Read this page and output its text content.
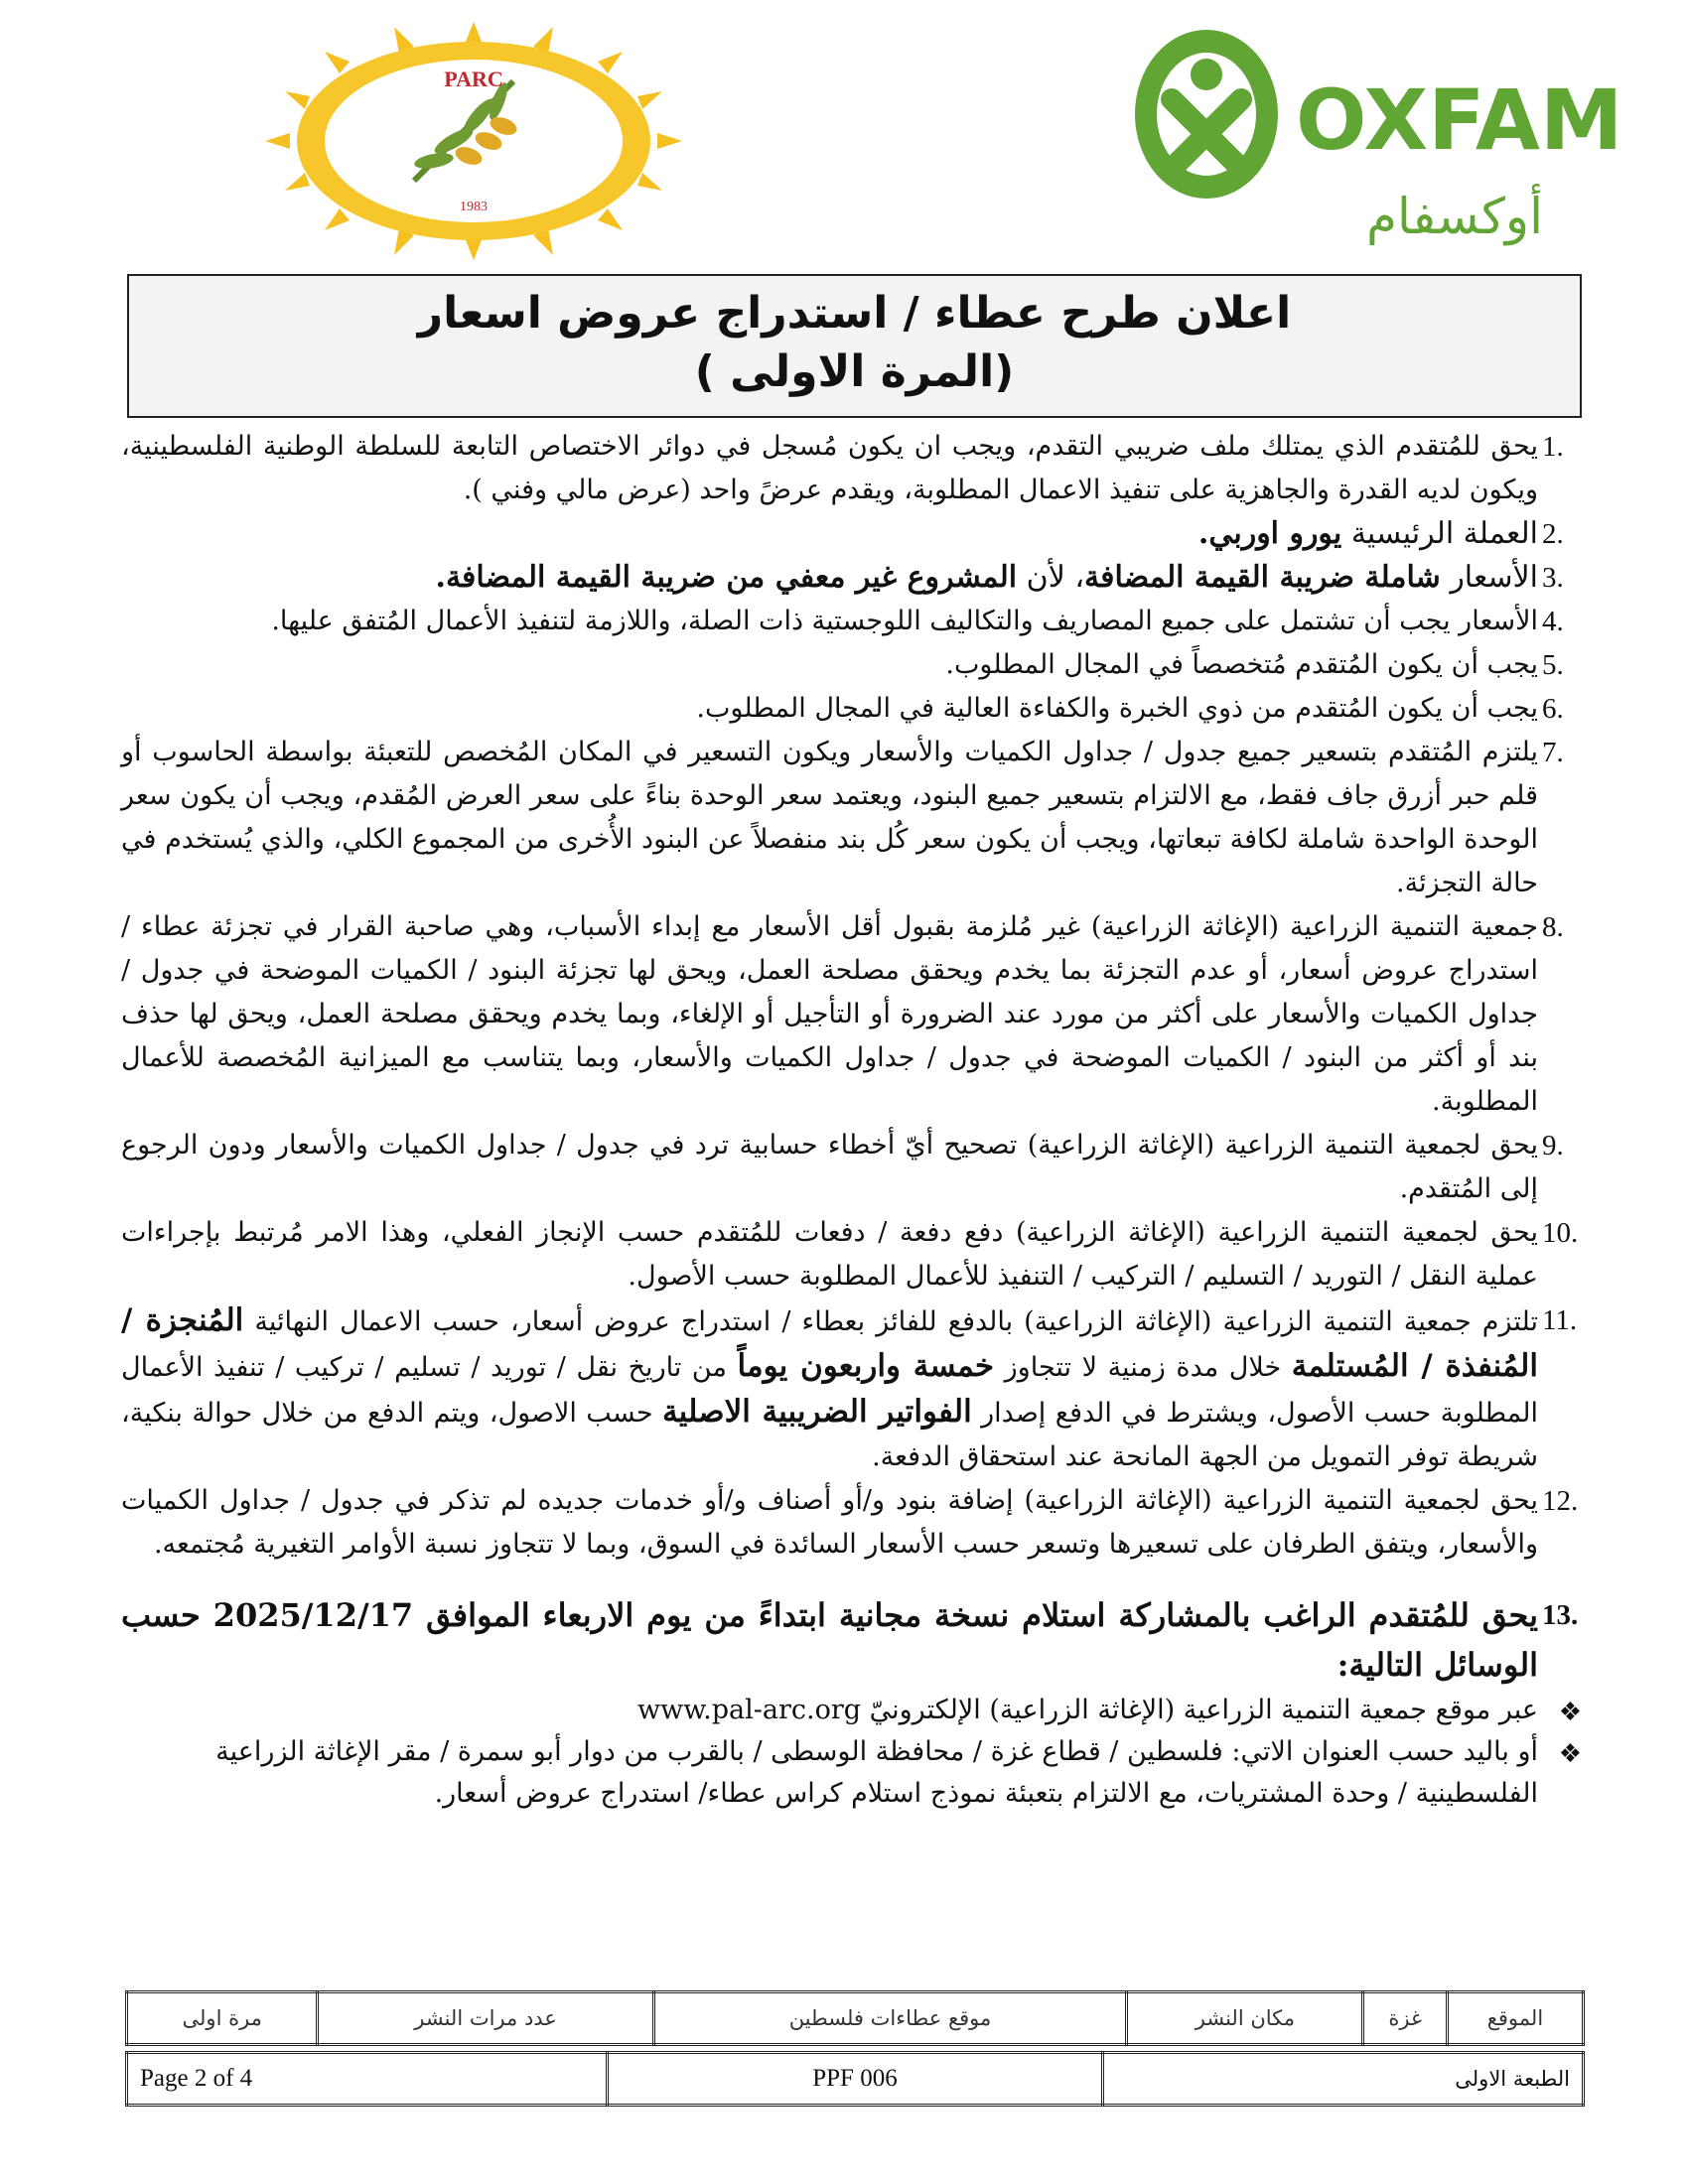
PARC
1983
OXFAM
أوكسفام
اعلان طرح عطاء / استدراج عروض اسعار
(المرة الاولى )

1.
يحق للمُتقدم الذي يمتلك ملف ضريبي التقدم، ويجب ان يكون مُسجل في دوائر الاختصاص التابعة للسلطة الوطنية الفلسطينية، ويكون لديه القدرة والجاهزية على تنفيذ الاعمال المطلوبة، ويقدم عرضً واحد (عرض مالي وفني ).

2.
العملة الرئيسية يورو اوربي.

3.
الأسعار شاملة ضريبة القيمة المضافة، لأن المشروع غير معفي من ضريبة القيمة المضافة.

4.
الأسعار يجب أن تشتمل على جميع المصاريف والتكاليف اللوجستية ذات الصلة، واللازمة لتنفيذ الأعمال المُتفق عليها.

5.
يجب أن يكون المُتقدم مُتخصصاً في المجال المطلوب.

6.
يجب أن يكون المُتقدم من ذوي الخبرة والكفاءة العالية في المجال المطلوب.

7.
يلتزم المُتقدم بتسعير جميع جدول / جداول الكميات والأسعار ويكون التسعير في المكان المُخصص للتعبئة بواسطة الحاسوب أو قلم حبر أزرق جاف فقط، مع الالتزام بتسعير جميع البنود، ويعتمد سعر الوحدة بناءً على سعر العرض المُقدم، ويجب أن يكون سعر الوحدة الواحدة شاملة لكافة تبعاتها، ويجب أن يكون سعر كُل بند منفصلاً عن البنود الأُخرى من المجموع الكلي، والذي يُستخدم في حالة التجزئة.

8.
جمعية التنمية الزراعية (الإغاثة الزراعية) غير مُلزمة بقبول أقل الأسعار مع إبداء الأسباب، وهي صاحبة القرار في تجزئة عطاء / استدراج عروض أسعار، أو عدم التجزئة بما يخدم ويحقق مصلحة العمل، ويحق لها تجزئة البنود / الكميات الموضحة في جدول / جداول الكميات والأسعار على أكثر من مورد عند الضرورة أو التأجيل أو الإلغاء، وبما يخدم ويحقق مصلحة العمل، ويحق لها حذف بند أو أكثر من البنود / الكميات الموضحة في جدول / جداول الكميات والأسعار، وبما يتناسب مع الميزانية المُخصصة للأعمال المطلوبة.

9.
يحق لجمعية التنمية الزراعية (الإغاثة الزراعية) تصحيح أيّ أخطاء حسابية ترد في جدول / جداول الكميات والأسعار ودون الرجوع إلى المُتقدم.

10.
يحق لجمعية التنمية الزراعية (الإغاثة الزراعية) دفع دفعة / دفعات للمُتقدم حسب الإنجاز الفعلي، وهذا الامر مُرتبط بإجراءات عملية النقل / التوريد / التسليم / التركيب / التنفيذ للأعمال المطلوبة حسب الأصول.

11.
تلتزم جمعية التنمية الزراعية (الإغاثة الزراعية) بالدفع للفائز بعطاء / استدراج عروض أسعار، حسب الاعمال النهائية المُنجزة / المُنفذة / المُستلمة خلال مدة زمنية لا تتجاوز خمسة واربعون يوماً من تاريخ نقل / توريد / تسليم / تركيب / تنفيذ الأعمال المطلوبة حسب الأصول، ويشترط في الدفع إصدار الفواتير الضريبية الاصلية حسب الاصول، ويتم الدفع من خلال حوالة بنكية، شريطة توفر التمويل من الجهة المانحة عند استحقاق الدفعة.

12.
يحق لجمعية التنمية الزراعية (الإغاثة الزراعية) إضافة بنود و/أو أصناف و/أو خدمات جديده لم تذكر في جدول / جداول الكميات والأسعار، ويتفق الطرفان على تسعيرها وتسعر حسب الأسعار السائدة في السوق، وبما لا تتجاوز نسبة الأوامر التغيرية مُجتمعه.

13.
يحق للمُتقدم الراغب بالمشاركة استلام نسخة مجانية ابتداءً من يوم الاربعاء الموافق 2025/12/17 حسب الوسائل التالية:

❖
عبر موقع جمعية التنمية الزراعية (الإغاثة الزراعية) الإلكترونيّ www.pal-arc.org
❖
أو باليد حسب العنوان الاتي: فلسطين / قطاع غزة / محافظة الوسطى / بالقرب من دوار أبو سمرة / مقر الإغاثة الزراعية الفلسطينية / وحدة المشتريات، مع الالتزام بتعبئة نموذج استلام كراس عطاء/ استدراج عروض أسعار.
الموقع	غزة	مكان النشر	موقع عطاءات فلسطين	عدد مرات النشر	مرة اولى
Page 2 of 4	PPF 006	الطبعة الاولى
